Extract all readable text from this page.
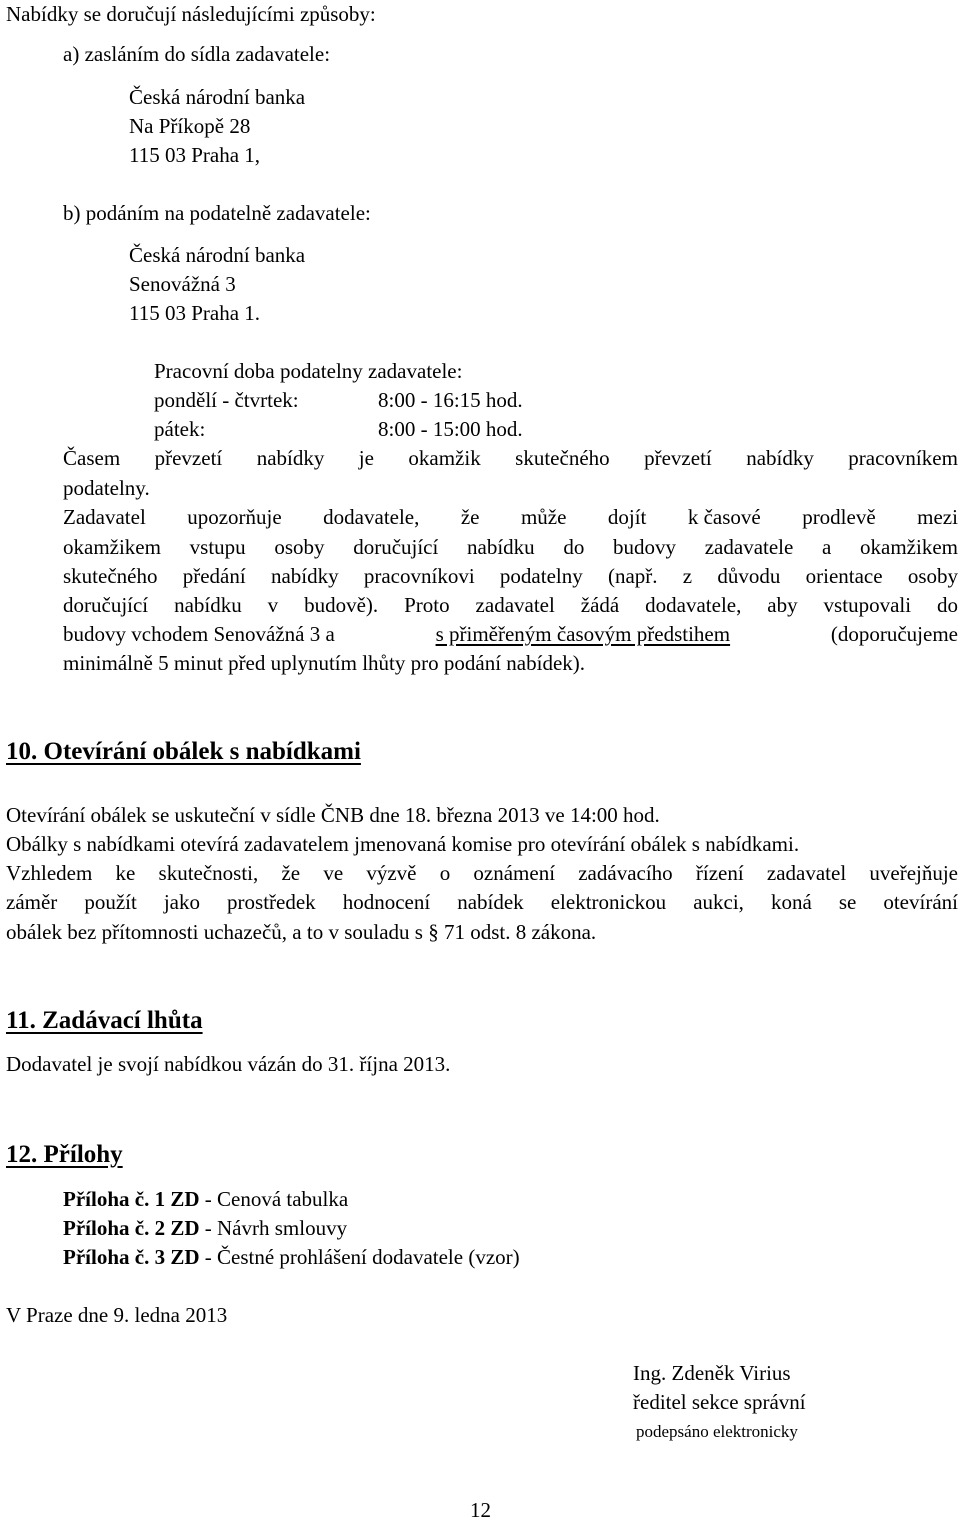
Nabídky se doručují následujícími způsoby:
a) zasláním do sídla zadavatele:
Česká národní banka
Na Příkopě 28
115 03 Praha 1,
b) podáním na podatelně zadavatele:
Česká národní banka
Senovážná 3
115 03 Praha 1.
Pracovní doba podatelny zadavatele:
pondělí - čtvrtek:	8:00 - 16:15 hod.
pátek:	8:00 - 15:00 hod.
Časem převzetí nabídky je okamžik skutečného převzetí nabídky pracovníkem
podatelny.
Zadavatel upozorňuje dodavatele, že může dojít k časové prodlevě mezi
okamžikem vstupu osoby doručující nabídku do budovy zadavatele a okamžikem
skutečného předání nabídky pracovníkovi podatelny (např. z důvodu orientace osoby
doručující nabídku v budově). Proto zadavatel žádá dodavatele, aby vstupovali do
budovy vchodem Senovážná 3 a	s přiměřeným časovým předstihem	(doporučujeme
minimálně 5 minut před uplynutím lhůty pro podání nabídek).
10. Otevírání obálek s nabídkami
Otevírání obálek se uskuteční v sídle ČNB dne 18. března 2013 ve 14:00 hod.
Obálky s nabídkami otevírá zadavatelem jmenovaná komise pro otevírání obálek s nabídkami.
Vzhledem ke skutečnosti, že ve výzvě o oznámení zadávacího řízení zadavatel uveřejňuje
záměr použít jako prostředek hodnocení nabídek elektronickou aukci, koná se otevírání
obálek bez přítomnosti uchazečů, a to v souladu s § 71 odst. 8 zákona.
11. Zadávací lhůta
Dodavatel je svojí nabídkou vázán do 31. října 2013.
12. Přílohy
Příloha č. 1 ZD - Cenová tabulka
Příloha č. 2 ZD - Návrh smlouvy
Příloha č. 3 ZD - Čestné prohlášení dodavatele (vzor)
V Praze dne 9. ledna 2013
Ing. Zdeněk Virius
ředitel sekce správní
podepsáno elektronicky
12
